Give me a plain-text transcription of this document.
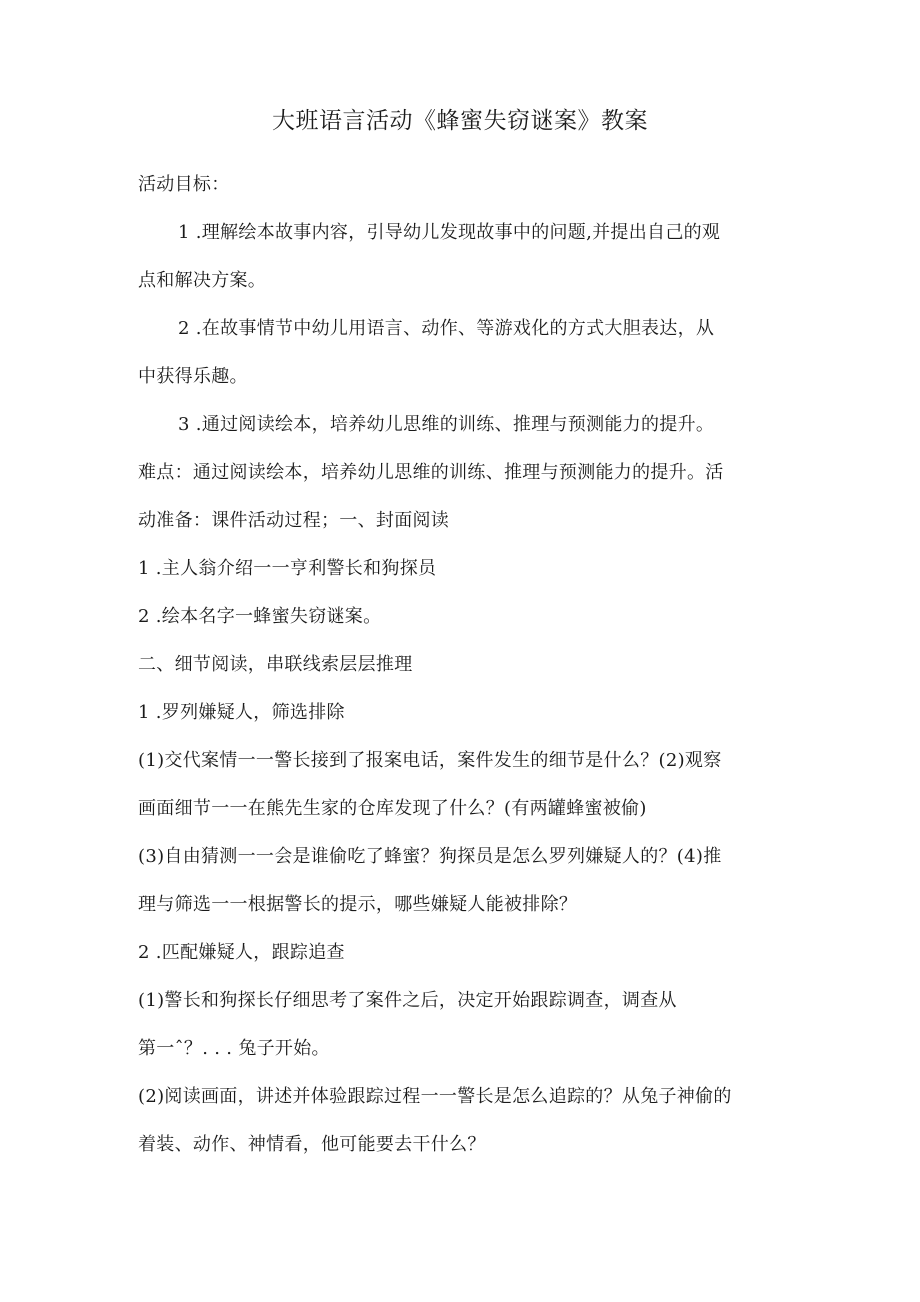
大班语言活动《蜂蜜失窃谜案》教案
活动目标：
1 .理解绘本故事内容，引导幼儿发现故事中的问题,并提出自己的观
点和解决方案。
2 .在故事情节中幼儿用语言、动作、等游戏化的方式大胆表达，从
中获得乐趣。
3 .通过阅读绘本，培养幼儿思维的训练、推理与预测能力的提升。
难点：通过阅读绘本，培养幼儿思维的训练、推理与预测能力的提升。活
动准备：课件活动过程；一、封面阅读
1 .主人翁介绍一一亨利警长和狗探员
2 .绘本名字一蜂蜜失窃谜案。
二、细节阅读，串联线索层层推理
1 .罗列嫌疑人，筛选排除
(1)交代案情一一警长接到了报案电话，案件发生的细节是什么？(2)观察
画面细节一一在熊先生家的仓库发现了什么？(有两罐蜂蜜被偷)
(3)自由猜测一一会是谁偷吃了蜂蜜？狗探员是怎么罗列嫌疑人的？(4)推
理与筛选一一根据警长的提示，哪些嫌疑人能被排除？
2 .匹配嫌疑人，跟踪追查
(1)警长和狗探长仔细思考了案件之后，决定开始跟踪调查，调查从
第一ˆ？. . . 兔子开始。
(2)阅读画面，讲述并体验跟踪过程一一警长是怎么追踪的？从兔子神偷的
着装、动作、神情看，他可能要去干什么？
